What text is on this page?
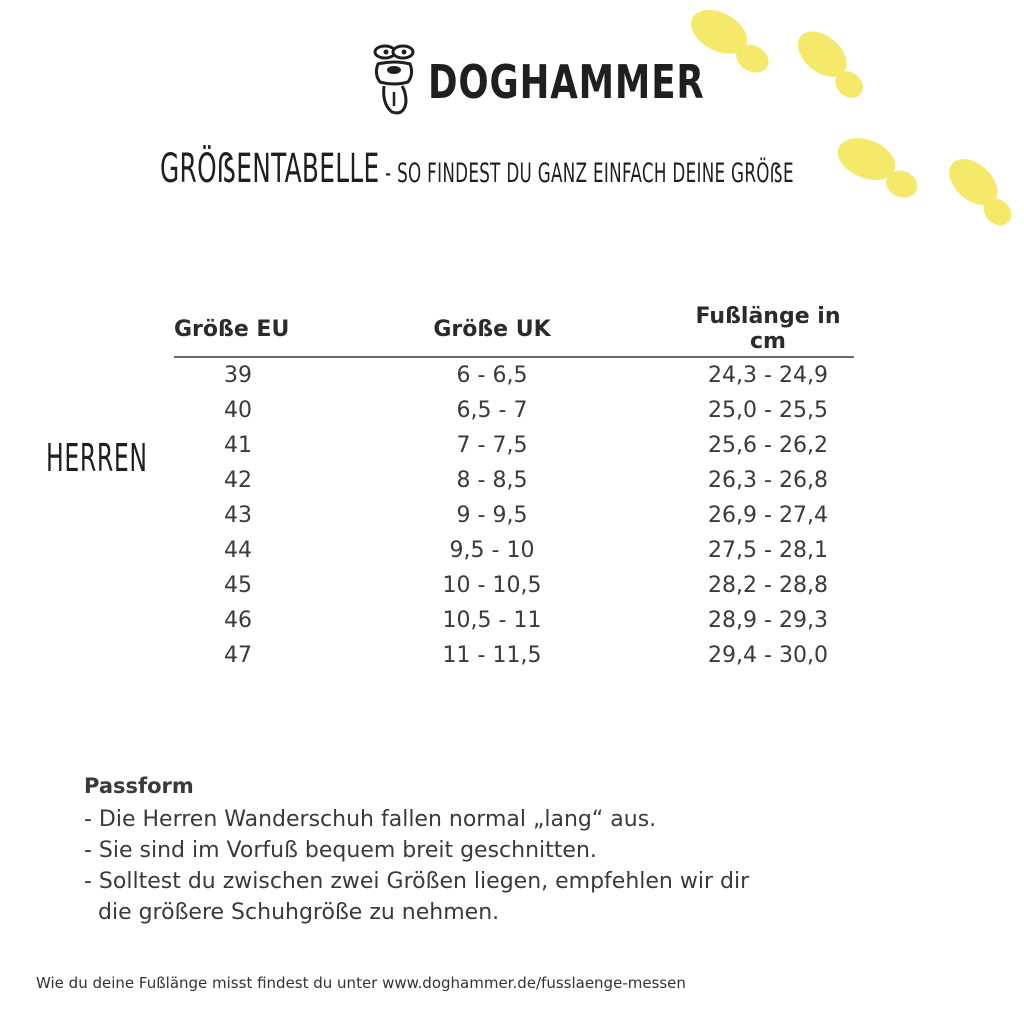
DOGHAMMER
GRÖẞENTABELLE - SO FINDEST DU GANZ EINFACH DEINE GRÖẞE
HERREN
Größe EU	Größe UK	Fußlänge in cm
39	6 - 6,5	24,3 - 24,9
40	6,5 - 7	25,0 - 25,5
41	7 - 7,5	25,6 - 26,2
42	8 - 8,5	26,3 - 26,8
43	9 - 9,5	26,9 - 27,4
44	9,5 - 10	27,5 - 28,1
45	10 - 10,5	28,2 - 28,8
46	10,5 - 11	28,9 - 29,3
47	11 - 11,5	29,4 - 30,0

Passform

- Die Herren Wanderschuh fallen normal „lang“ aus.

- Sie sind im Vorfuß bequem breit geschnitten.

- Solltest du zwischen zwei Größen liegen, empfehlen wir dir

die größere Schuhgröße zu nehmen.

Wie du deine Fußlänge misst findest du unter www.doghammer.de/fusslaenge-messen
